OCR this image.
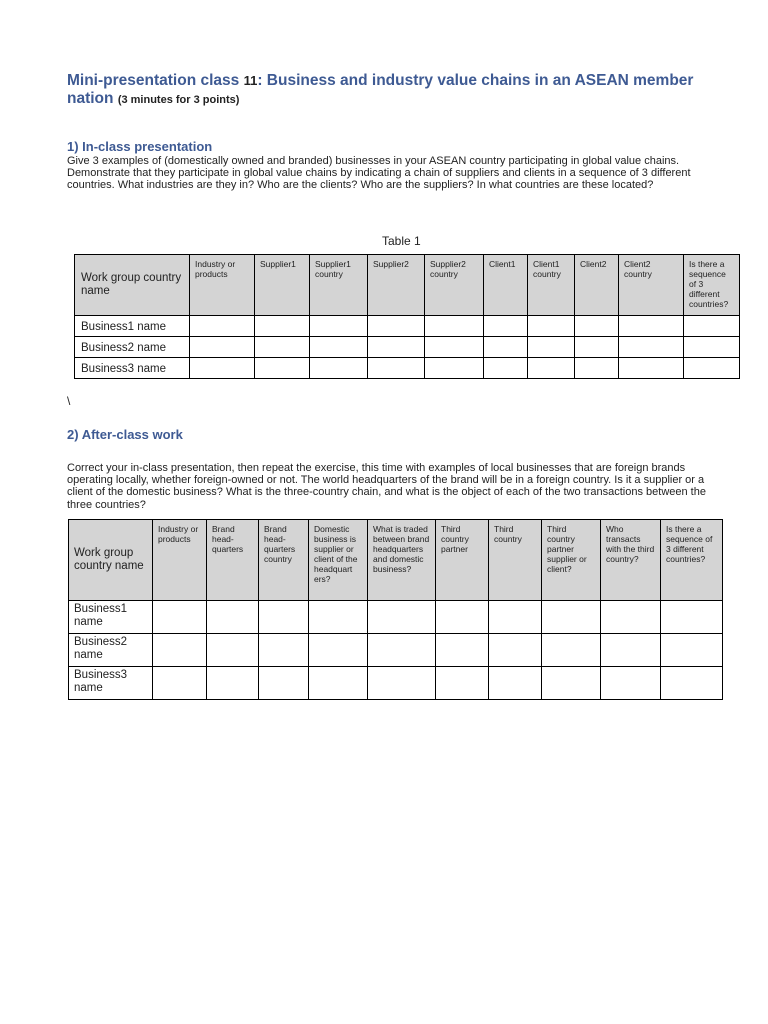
Mini-presentation class 11: Business and industry value chains in an ASEAN member nation (3 minutes for 3 points)
1) In-class presentation

Give 3 examples of (domestically owned and branded) businesses in your ASEAN country participating in global value chains. Demonstrate that they participate in global value chains by indicating a chain of suppliers and clients in a sequence of 3 different countries. What industries are they in? Who are the clients? Who are the suppliers? In what countries are these located?

Table 1
Work group country name	Industry or products	Supplier1	Supplier1 country	Supplier2	Supplier2 country	Client1	Client1 country	Client2	Client2 country	Is there a sequence of 3 different countries?
Business1 name										
Business2 name										
Business3 name										
\
2) After-class work

Correct your in-class presentation, then repeat the exercise, this time with examples of local businesses that are foreign brands operating locally, whether foreign-owned or not. The world headquarters of the brand will be in a foreign country. Is it a supplier or a client of the domestic business? What is the three-country chain, and what is the object of each of the two transactions between the three countries?

Work group country name	Industry or products	Brand head-quarters	Brand head-quarters country	Domestic business is supplier or client of the headquart ers?	What is traded between brand headquarters and domestic business?	Third country partner	Third country	Third country partner supplier or client?	Who transacts with the third country?	Is there a sequence of 3 different countries?
Business1 name										
Business2 name										
Business3 name										
